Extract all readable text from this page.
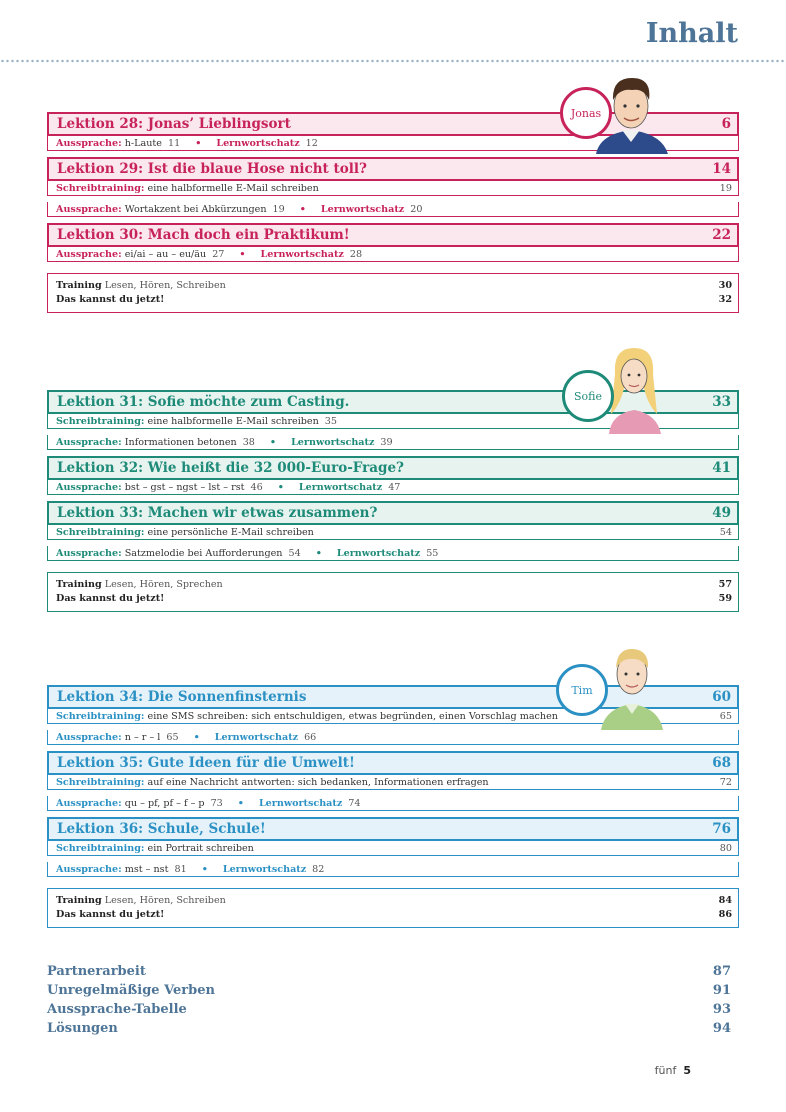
Inhalt
Lektion 28: Jonas’ Lieblingsort	6
Aussprache: h-Laute 11 • Lernwortschatz 12
Lektion 29: Ist die blaue Hose nicht toll?	14
Schreibtraining: eine halbformelle E-Mail schreiben	19
Aussprache: Wortakzent bei Abkürzungen 19 • Lernwortschatz 20
Lektion 30: Mach doch ein Praktikum!	22
Aussprache: ei/ai – au – eu/äu 27 • Lernwortschatz 28
Training Lesen, Hören, Schreiben	30
Das kannst du jetzt!	32
Lektion 31: Sofie möchte zum Casting.	33
Schreibtraining: eine halbformelle E-Mail schreiben 35
Aussprache: Informationen betonen 38 • Lernwortschatz 39
Lektion 32: Wie heißt die 32 000-Euro-Frage?	41
Aussprache: bst – gst – ngst – lst – rst 46 • Lernwortschatz 47
Lektion 33: Machen wir etwas zusammen?	49
Schreibtraining: eine persönliche E-Mail schreiben	54
Aussprache: Satzmelodie bei Aufforderungen 54 • Lernwortschatz 55
Training Lesen, Hören, Sprechen	57
Das kannst du jetzt!	59
Lektion 34: Die Sonnenfinsternis	60
Schreibtraining: eine SMS schreiben: sich entschuldigen, etwas begründen, einen Vorschlag machen	65
Aussprache: n – r – l 65 • Lernwortschatz 66
Lektion 35: Gute Ideen für die Umwelt!	68
Schreibtraining: auf eine Nachricht antworten: sich bedanken, Informationen erfragen	72
Aussprache: qu – pf, pf – f – p 73 • Lernwortschatz 74
Lektion 36: Schule, Schule!	76
Schreibtraining: ein Portrait schreiben	80
Aussprache: mst – nst 81 • Lernwortschatz 82
Training Lesen, Hören, Schreiben	84
Das kannst du jetzt!	86
Jonas
Sofie
Tim
Partnerarbeit	87
Unregelmäßige Verben	91
Aussprache-Tabelle	93
Lösungen	94
fünf 5
